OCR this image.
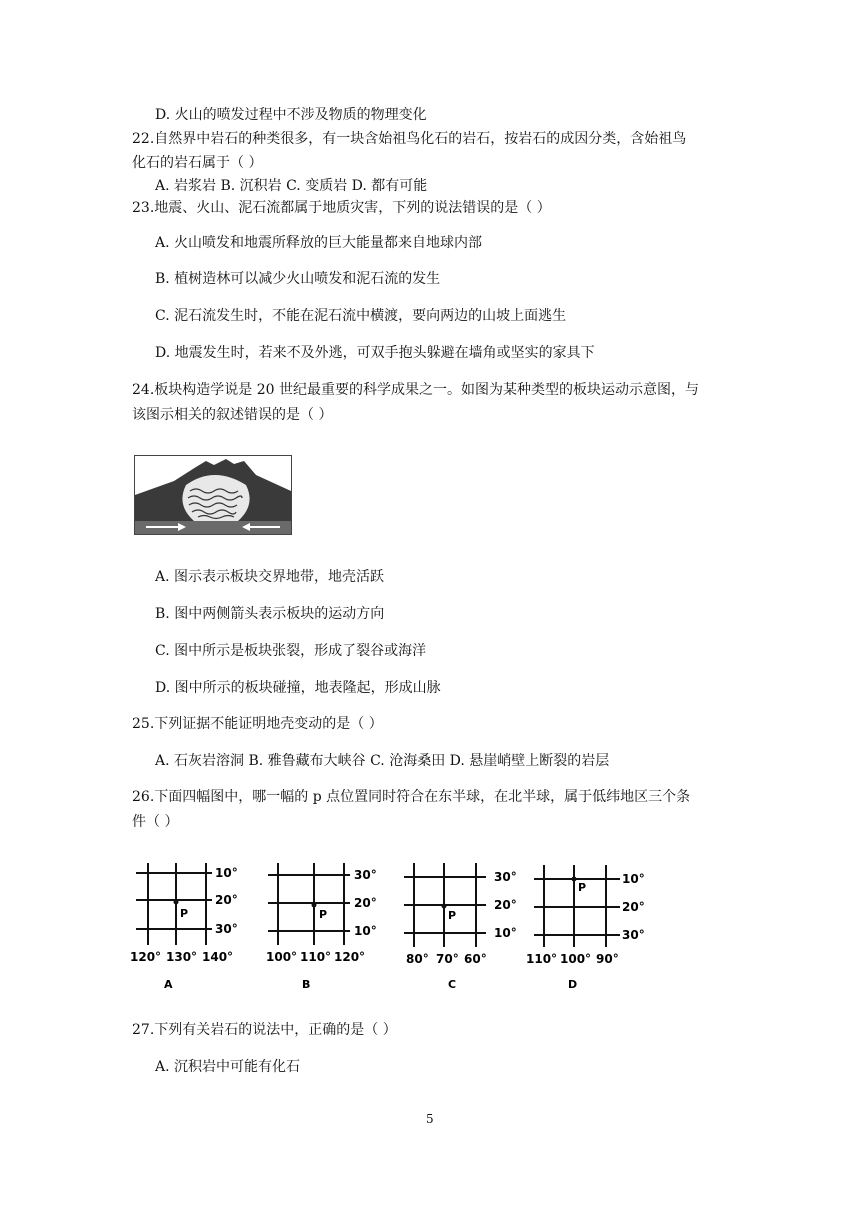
D. 火山的喷发过程中不涉及物质的物理变化
22.自然界中岩石的种类很多，有一块含始祖鸟化石的岩石，按岩石的成因分类，含始祖鸟
化石的岩石属于（ ）
A. 岩浆岩 B. 沉积岩 C. 变质岩 D. 都有可能
23.地震、火山、泥石流都属于地质灾害，下列的说法错误的是（ ）
A. 火山喷发和地震所释放的巨大能量都来自地球内部
B. 植树造林可以减少火山喷发和泥石流的发生
C. 泥石流发生时，不能在泥石流中横渡，要向两边的山坡上面逃生
D. 地震发生时，若来不及外逃，可双手抱头躲避在墙角或坚实的家具下
24.板块构造学说是 20 世纪最重要的科学成果之一。如图为某种类型的板块运动示意图，与
该图示相关的叙述错误的是（ ）
A. 图示表示板块交界地带，地壳活跃
B. 图中两侧箭头表示板块的运动方向
C. 图中所示是板块张裂，形成了裂谷或海洋
D. 图中所示的板块碰撞，地表隆起，形成山脉
25.下列证据不能证明地壳变动的是（ ）
A. 石灰岩溶洞 B. 雅鲁藏布大峡谷 C. 沧海桑田 D. 悬崖峭壁上断裂的岩层
26.下面四幅图中，哪一幅的 p 点位置同时符合在东半球，在北半球，属于低纬地区三个条
件（ ）
P
10°
20°
30°
120° 130° 140°
A
P
30°
20°
10°
100° 110° 120°
B
P
30°
20°
10°
80° 70° 60°
C
P
10°
20°
30°
110° 100° 90°
D
27.下列有关岩石的说法中，正确的是（ ）
A. 沉积岩中可能有化石
5
